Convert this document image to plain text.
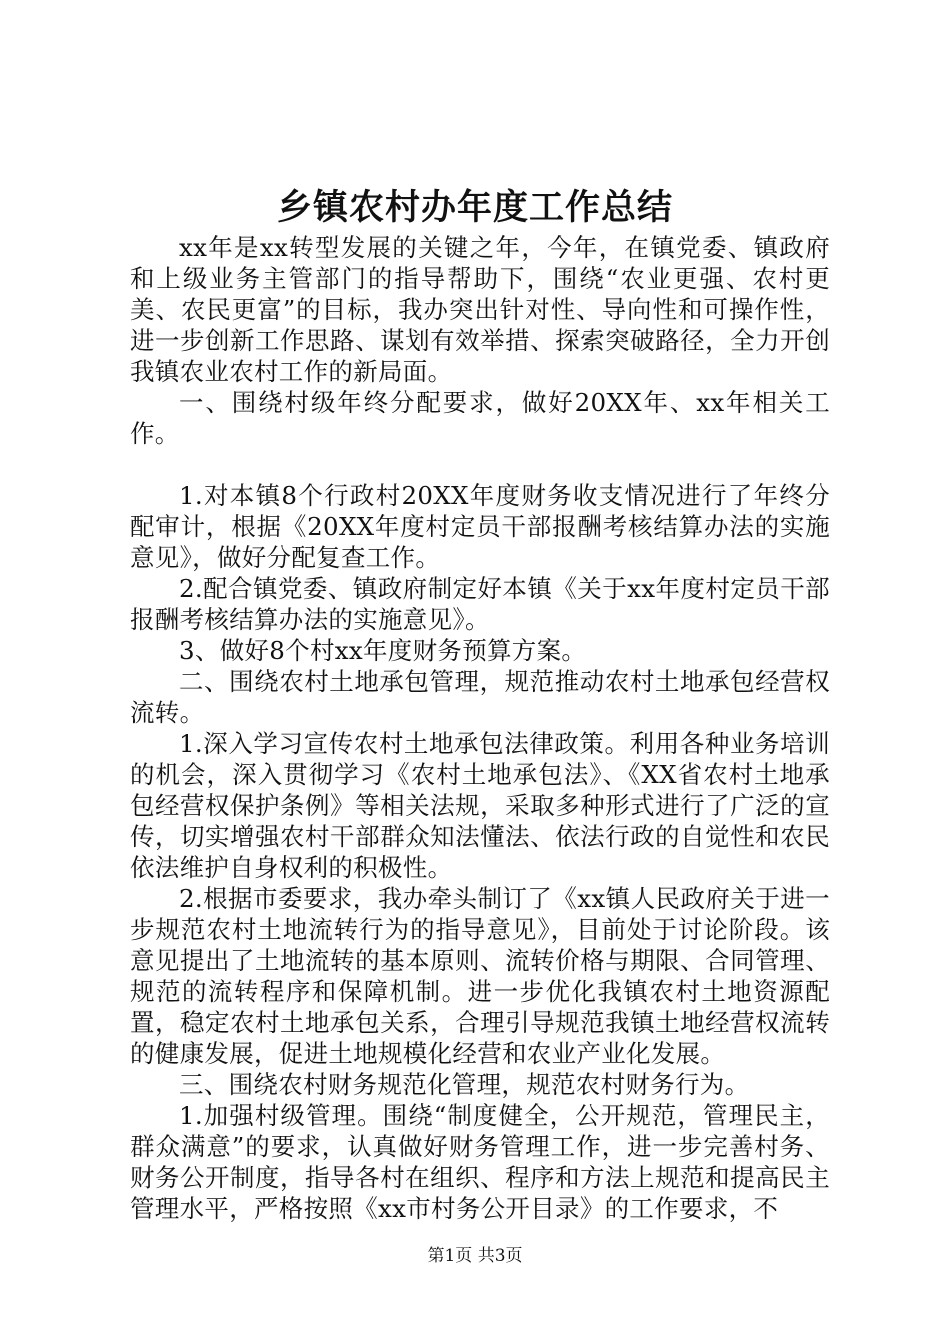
乡镇农村办年度工作总结

xx年是xx转型发展的关键之年，今年，在镇党委、镇政府和上级业务主管部门的指导帮助下，围绕“农业更强、农村更美、农民更富”的目标，我办突出针对性、导向性和可操作性，进一步创新工作思路、谋划有效举措、探索突破路径，全力开创我镇农业农村工作的新局面。

一、围绕村级年终分配要求，做好20XX年、xx年相关工作。

1.对本镇8个行政村20XX年度财务收支情况进行了年终分配审计，根据《20XX年度村定员干部报酬考核结算办法的实施意见》，做好分配复查工作。

2.配合镇党委、镇政府制定好本镇《关于xx年度村定员干部报酬考核结算办法的实施意见》。

3、做好8个村xx年度财务预算方案。

二、围绕农村土地承包管理，规范推动农村土地承包经营权流转。

1.深入学习宣传农村土地承包法律政策。利用各种业务培训的机会，深入贯彻学习《农村土地承包法》、《XX省农村土地承包经营权保护条例》等相关法规，采取多种形式进行了广泛的宣传，切实增强农村干部群众知法懂法、依法行政的自觉性和农民依法维护自身权利的积极性。

2.根据市委要求，我办牵头制订了《xx镇人民政府关于进一步规范农村土地流转行为的指导意见》，目前处于讨论阶段。该意见提出了土地流转的基本原则、流转价格与期限、合同管理、规范的流转程序和保障机制。进一步优化我镇农村土地资源配置，稳定农村土地承包关系，合理引导规范我镇土地经营权流转的健康发展，促进土地规模化经营和农业产业化发展。

三、围绕农村财务规范化管理，规范农村财务行为。

1.加强村级管理。围绕“制度健全，公开规范，管理民主，群众满意”的要求，认真做好财务管理工作，进一步完善村务、财务公开制度，指导各村在组织、程序和方法上规范和提高民主管理水平，严格按照《xx市村务公开目录》的工作要求，不

第1页 共3页
